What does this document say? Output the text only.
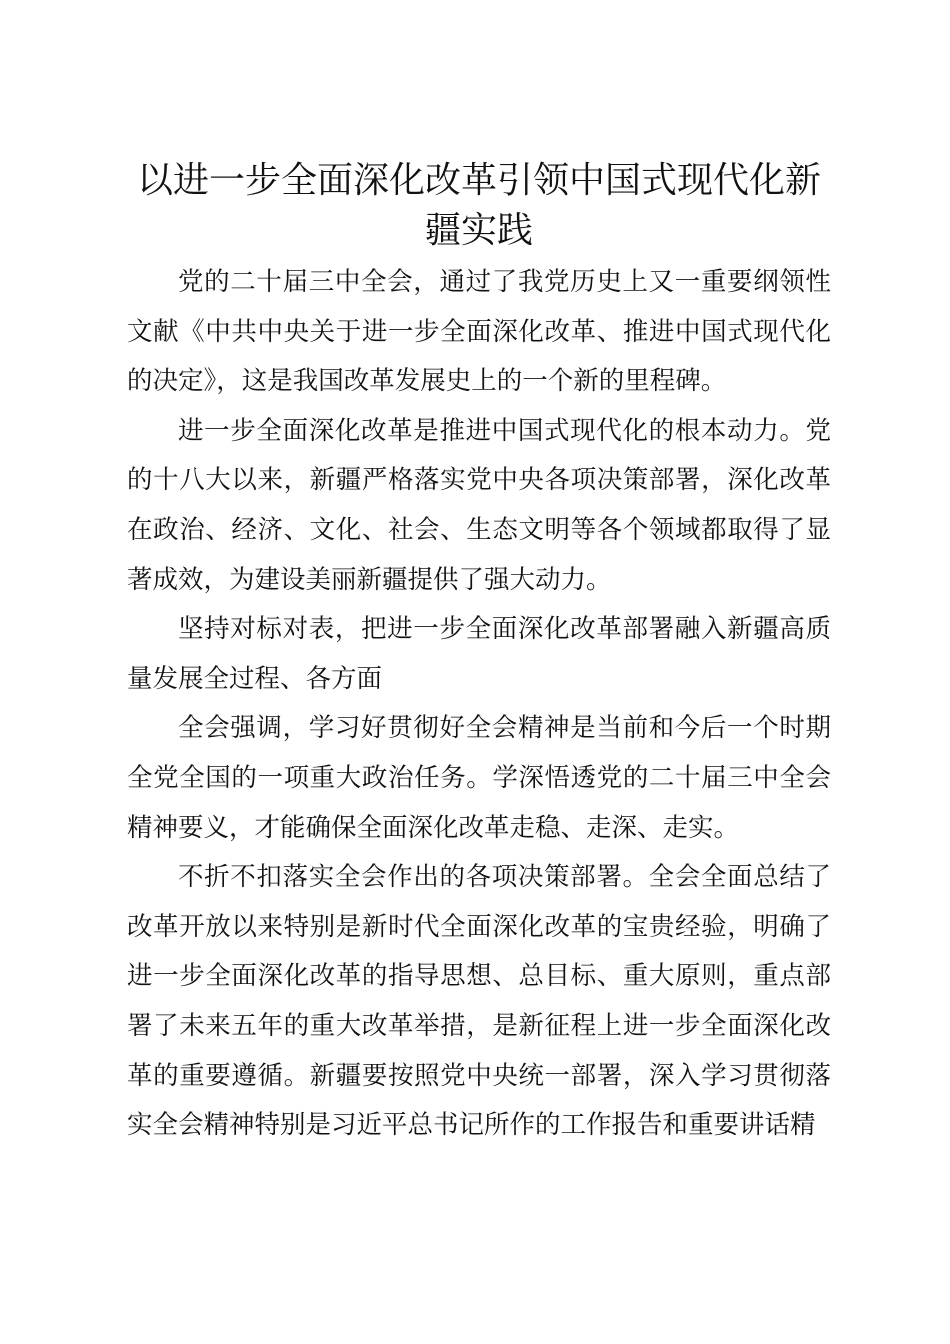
以进一步全面深化改革引领中国式现代化新疆实践

党的二十届三中全会，通过了我党历史上又一重要纲领性文献《中共中央关于进一步全面深化改革、推进中国式现代化的决定》，这是我国改革发展史上的一个新的里程碑。

进一步全面深化改革是推进中国式现代化的根本动力。党的十八大以来，新疆严格落实党中央各项决策部署，深化改革在政治、经济、文化、社会、生态文明等各个领域都取得了显著成效，为建设美丽新疆提供了强大动力。

坚持对标对表，把进一步全面深化改革部署融入新疆高质量发展全过程、各方面

全会强调，学习好贯彻好全会精神是当前和今后一个时期全党全国的一项重大政治任务。学深悟透党的二十届三中全会精神要义，才能确保全面深化改革走稳、走深、走实。

不折不扣落实全会作出的各项决策部署。全会全面总结了改革开放以来特别是新时代全面深化改革的宝贵经验，明确了进一步全面深化改革的指导思想、总目标、重大原则，重点部署了未来五年的重大改革举措，是新征程上进一步全面深化改革的重要遵循。新疆要按照党中央统一部署，深入学习贯彻落实全会精神特别是习近平总书记所作的工作报告和重要讲话精
